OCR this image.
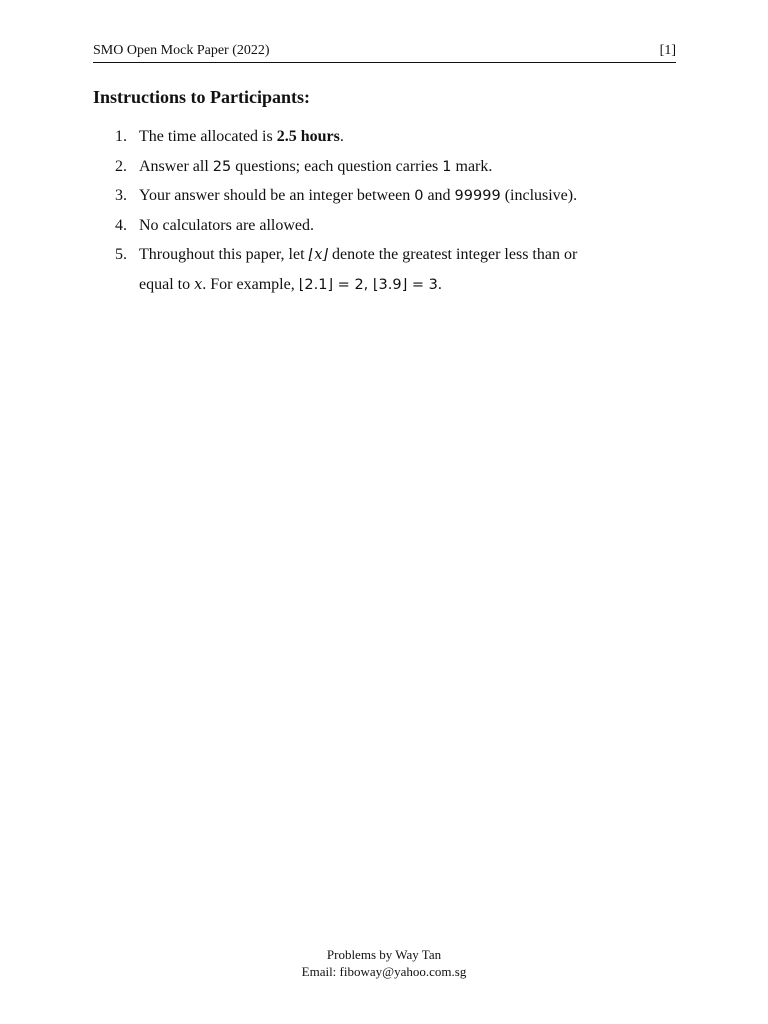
SMO Open Mock Paper (2022)	[1]
Instructions to Participants:
1. The time allocated is 2.5 hours.
2. Answer all 25 questions; each question carries 1 mark.
3. Your answer should be an integer between 0 and 99999 (inclusive).
4. No calculators are allowed.
5. Throughout this paper, let ⌊x⌋ denote the greatest integer less than or
equal to x. For example, ⌊2.1⌋ = 2, ⌊3.9⌋ = 3.
Problems by Way Tan
Email: fiboway@yahoo.com.sg
